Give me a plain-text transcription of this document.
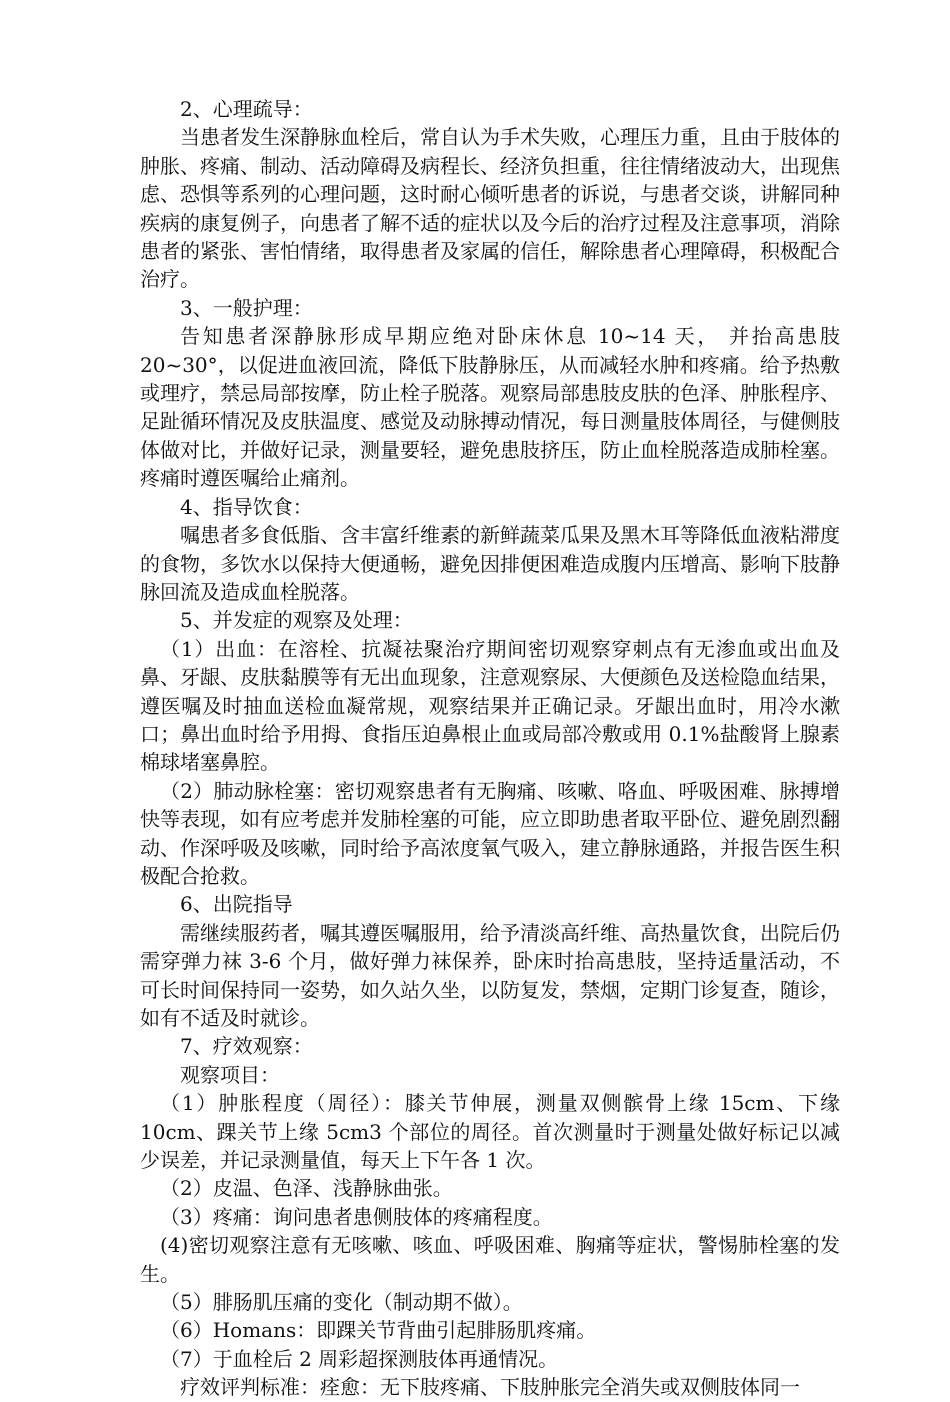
2、心理疏导：

当患者发生深静脉血栓后，常自认为手术失败，心理压力重，且由于肢体的肿胀、疼痛、制动、活动障碍及病程长、经济负担重，往往情绪波动大，出现焦虑、恐惧等系列的心理问题，这时耐心倾听患者的诉说，与患者交谈，讲解同种疾病的康复例子，向患者了解不适的症状以及今后的治疗过程及注意事项，消除患者的紧张、害怕情绪，取得患者及家属的信任，解除患者心理障碍，积极配合治疗。

3、一般护理：

告知患者深静脉形成早期应绝对卧床休息 10~14 天， 并抬高患肢 20~30°，以促进血液回流，降低下肢静脉压，从而减轻水肿和疼痛。给予热敷或理疗，禁忌局部按摩，防止栓子脱落。观察局部患肢皮肤的色泽、肿胀程序、足趾循环情况及皮肤温度、感觉及动脉搏动情况，每日测量肢体周径，与健侧肢体做对比，并做好记录，测量要轻，避免患肢挤压，防止血栓脱落造成肺栓塞。疼痛时遵医嘱给止痛剂。

4、指导饮食：

嘱患者多食低脂、含丰富纤维素的新鲜蔬菜瓜果及黑木耳等降低血液粘滞度的食物，多饮水以保持大便通畅，避免因排便困难造成腹内压增高、影响下肢静脉回流及造成血栓脱落。

5、并发症的观察及处理：

（1）出血：在溶栓、抗凝祛聚治疗期间密切观察穿刺点有无渗血或出血及鼻、牙龈、皮肤黏膜等有无出血现象，注意观察尿、大便颜色及送检隐血结果，遵医嘱及时抽血送检血凝常规，观察结果并正确记录。牙龈出血时，用冷水漱口；鼻出血时给予用拇、食指压迫鼻根止血或局部冷敷或用 0.1%盐酸肾上腺素棉球堵塞鼻腔。

（2）肺动脉栓塞：密切观察患者有无胸痛、咳嗽、咯血、呼吸困难、脉搏增快等表现，如有应考虑并发肺栓塞的可能，应立即助患者取平卧位、避免剧烈翻动、作深呼吸及咳嗽，同时给予高浓度氧气吸入，建立静脉通路，并报告医生积极配合抢救。

6、出院指导

需继续服药者，嘱其遵医嘱服用，给予清淡高纤维、高热量饮食，出院后仍需穿弹力袜 3-6 个月，做好弹力袜保养，卧床时抬高患肢，坚持适量活动，不可长时间保持同一姿势，如久站久坐，以防复发，禁烟，定期门诊复查，随诊，如有不适及时就诊。

7、疗效观察：

观察项目：

（1）肿胀程度（周径）：膝关节伸展，测量双侧髌骨上缘 15cm、下缘 10cm、踝关节上缘 5cm3 个部位的周径。首次测量时于测量处做好标记以减少误差，并记录测量值，每天上下午各 1 次。

（2）皮温、色泽、浅静脉曲张。

（3）疼痛：询问患者患侧肢体的疼痛程度。

(4)密切观察注意有无咳嗽、咳血、呼吸困难、胸痛等症状，警惕肺栓塞的发生。

（5）腓肠肌压痛的变化（制动期不做）。

（6）Homans：即踝关节背曲引起腓肠肌疼痛。

（7）于血栓后 2 周彩超探测肢体再通情况。

疗效评判标准：痊愈：无下肢疼痛、下肢肿胀完全消失或双侧肢体同一
